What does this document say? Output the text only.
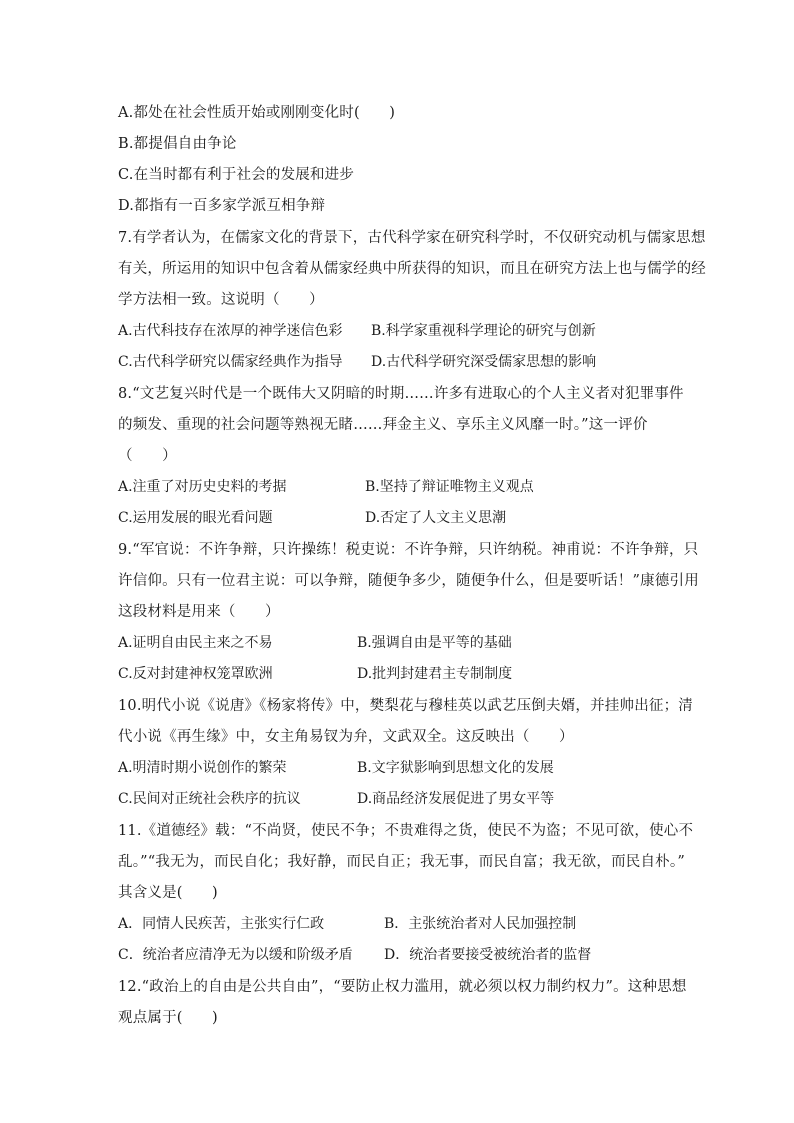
A.都处在社会性质开始或刚刚变化时(　　)
B.都提倡自由争论
C.在当时都有利于社会的发展和进步
D.都指有一百多家学派互相争辩
7.有学者认为，在儒家文化的背景下，古代科学家在研究科学时，不仅研究动机与儒家思想
有关，所运用的知识中包含着从儒家经典中所获得的知识，而且在研究方法上也与儒学的经
学方法相一致。这说明（　　）
A.古代科技存在浓厚的神学迷信色彩 B.科学家重视科学理论的研究与创新
C.古代科学研究以儒家经典作为指导 D.古代科学研究深受儒家思想的影响
8.“文艺复兴时代是一个既伟大又阴暗的时期……许多有进取心的个人主义者对犯罪事件
的频发、重现的社会问题等熟视无睹……拜金主义、享乐主义风靡一时。”这一评价
（　　）
A.注重了对历史史料的考据	B.坚持了辩证唯物主义观点
C.运用发展的眼光看问题	D.否定了人文主义思潮
9.“军官说：不许争辩，只许操练！税吏说：不许争辩，只许纳税。神甫说：不许争辩，只
许信仰。只有一位君主说：可以争辩，随便争多少，随便争什么，但是要听话！”康德引用
这段材料是用来（　　）
A.证明自由民主来之不易	B.强调自由是平等的基础
C.反对封建神权笼罩欧洲	D.批判封建君主专制制度
10.明代小说《说唐》《杨家将传》中，樊梨花与穆桂英以武艺压倒夫婿，并挂帅出征；清
代小说《再生缘》中，女主角易钗为弁，文武双全。这反映出（　　）
A.明清时期小说创作的繁荣	B.文字狱影响到思想文化的发展
C.民间对正统社会秩序的抗议	D.商品经济发展促进了男女平等
11.《道德经》载：“不尚贤，使民不争；不贵难得之货，使民不为盗；不见可欲，使心不
乱。”“我无为，而民自化；我好静，而民自正；我无事，而民自富；我无欲，而民自朴。”
其含义是(　　)
A．同情人民疾苦，主张实行仁政	B．主张统治者对人民加强控制
C．统治者应清净无为以缓和阶级矛盾 D．统治者要接受被统治者的监督
12.“政治上的自由是公共自由”，“要防止权力滥用，就必须以权力制约权力”。这种思想
观点属于(　　)
